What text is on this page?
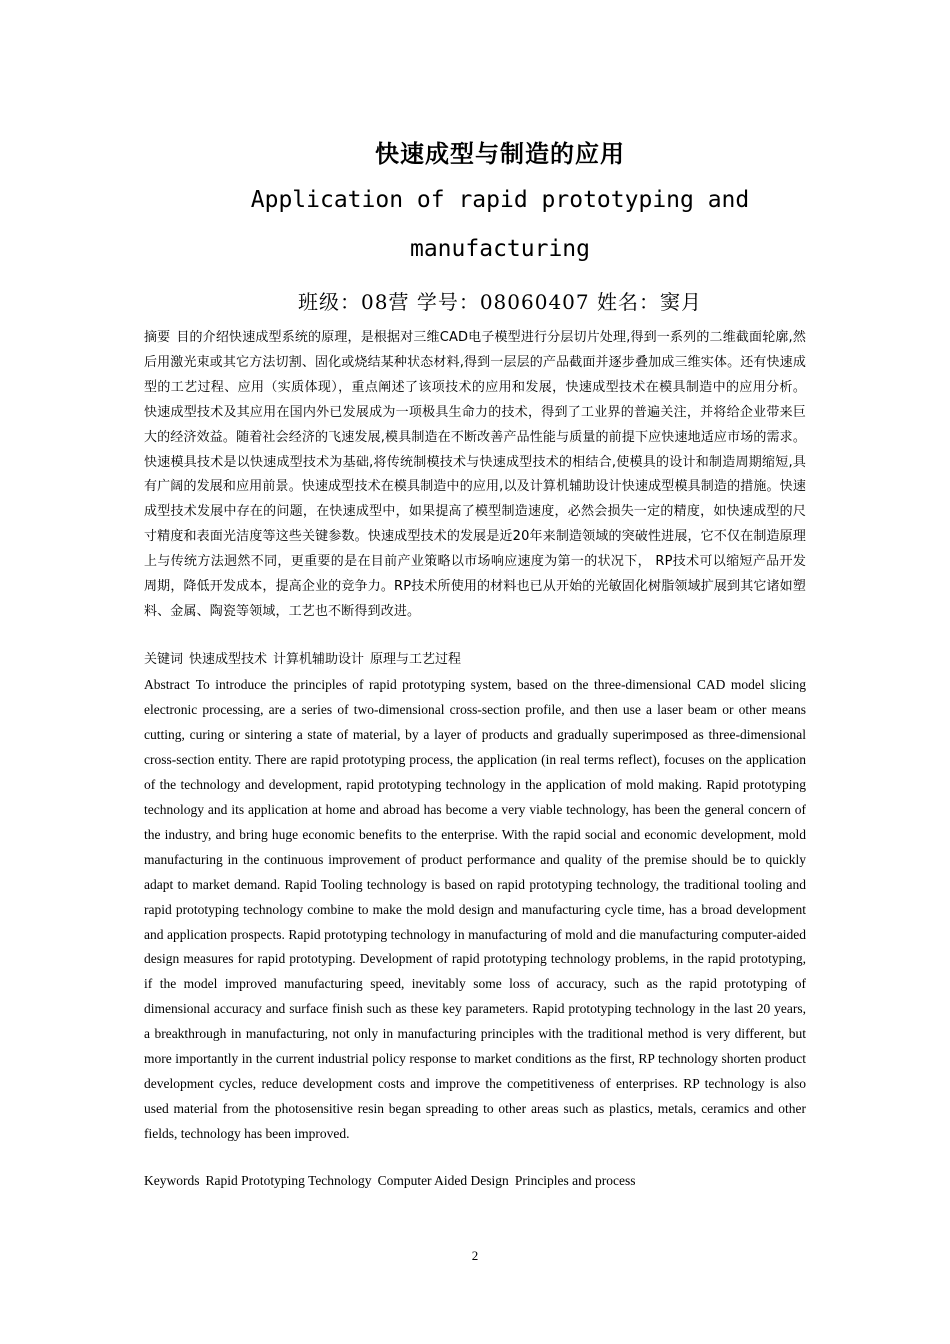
快速成型与制造的应用
Application of rapid prototyping and
manufacturing
班级：08营 学号：08060407 姓名：窦月
摘要 目的介绍快速成型系统的原理，是根据对三维CAD电子模型进行分层切片处理,得到一系列的二维截面轮廓,然后用激光束或其它方法切割、固化或烧结某种状态材料,得到一层层的产品截面并逐步叠加成三维实体。还有快速成型的工艺过程、应用（实质体现），重点阐述了该项技术的应用和发展，快速成型技术在模具制造中的应用分析。快速成型技术及其应用在国内外已发展成为一项极具生命力的技术，得到了工业界的普遍关注，并将给企业带来巨大的经济效益。随着社会经济的飞速发展,模具制造在不断改善产品性能与质量的前提下应快速地适应市场的需求。快速模具技术是以快速成型技术为基础,将传统制模技术与快速成型技术的相结合,使模具的设计和制造周期缩短,具有广阔的发展和应用前景。快速成型技术在模具制造中的应用,以及计算机辅助设计快速成型模具制造的措施。快速成型技术发展中存在的问题，在快速成型中，如果提高了模型制造速度，必然会损失一定的精度，如快速成型的尺寸精度和表面光洁度等这些关键参数。快速成型技术的发展是近20年来制造领域的突破性进展，它不仅在制造原理上与传统方法迥然不同，更重要的是在目前产业策略以市场响应速度为第一的状况下， RP技术可以缩短产品开发周期，降低开发成本，提高企业的竞争力。RP技术所使用的材料也已从开始的光敏固化树脂领域扩展到其它诸如塑料、金属、陶瓷等领域，工艺也不断得到改进。
关键词 快速成型技术 计算机辅助设计 原理与工艺过程
Abstract To introduce the principles of rapid prototyping system, based on the three-dimensional CAD model slicing electronic processing, are a series of two-dimensional cross-section profile, and then use a laser beam or other means cutting, curing or sintering a state of material, by a layer of products and gradually superimposed as three-dimensional cross-section entity. There are rapid prototyping process, the application (in real terms reflect), focuses on the application of the technology and development, rapid prototyping technology in the application of mold making. Rapid prototyping technology and its application at home and abroad has become a very viable technology, has been the general concern of the industry, and bring huge economic benefits to the enterprise. With the rapid social and economic development, mold manufacturing in the continuous improvement of product performance and quality of the premise should be to quickly adapt to market demand. Rapid Tooling technology is based on rapid prototyping technology, the traditional tooling and rapid prototyping technology combine to make the mold design and manufacturing cycle time, has a broad development and application prospects. Rapid prototyping technology in manufacturing of mold and die manufacturing computer-aided design measures for rapid prototyping. Development of rapid prototyping technology problems, in the rapid prototyping, if the model improved manufacturing speed, inevitably some loss of accuracy, such as the rapid prototyping of dimensional accuracy and surface finish such as these key parameters. Rapid prototyping technology in the last 20 years, a breakthrough in manufacturing, not only in manufacturing principles with the traditional method is very different, but more importantly in the current industrial policy response to market conditions as the first, RP technology shorten product development cycles, reduce development costs and improve the competitiveness of enterprises. RP technology is also used material from the photosensitive resin began spreading to other areas such as plastics, metals, ceramics and other fields, technology has been improved.
Keywords Rapid Prototyping Technology Computer Aided Design Principles and process
2
